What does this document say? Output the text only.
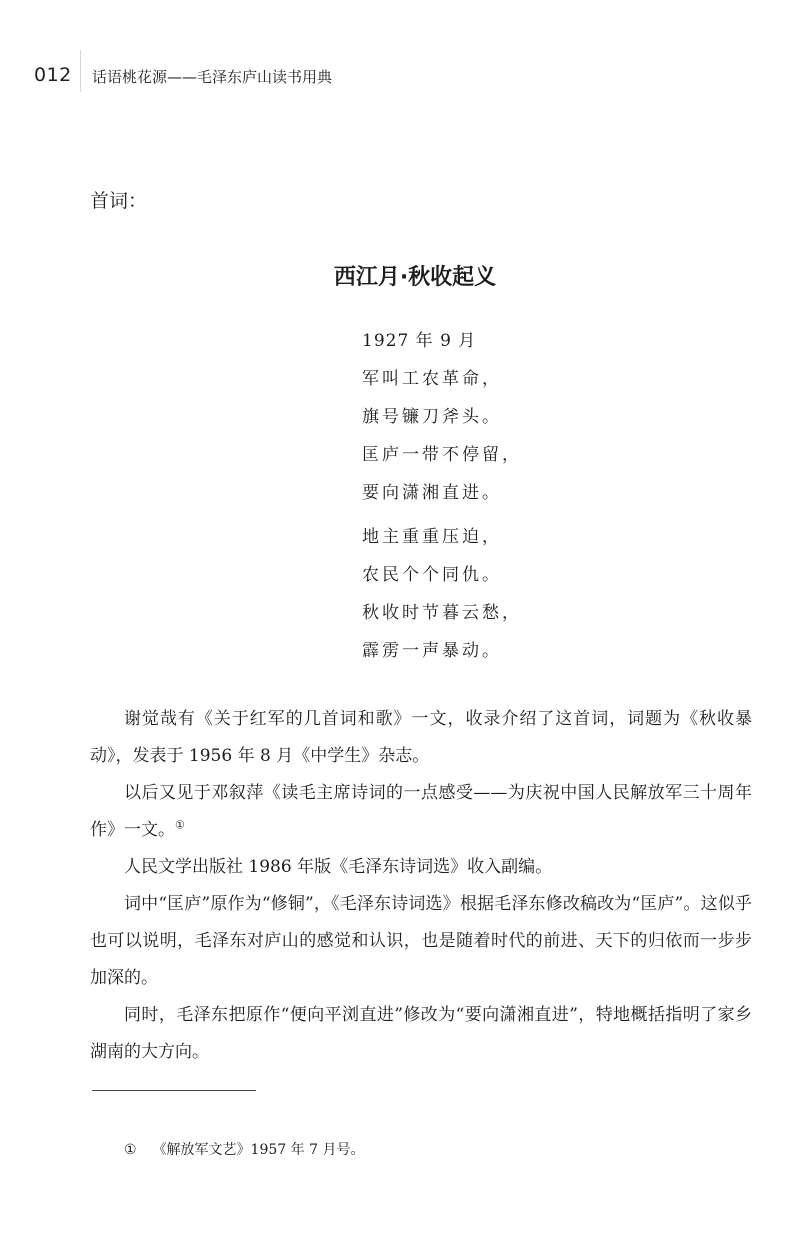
012 话语桃花源——毛泽东庐山读书用典
首词：
西江月·秋收起义
1927 年 9 月
军叫工农革命，
旗号镰刀斧头。
匡庐一带不停留，
要向潇湘直进。
地主重重压迫，
农民个个同仇。
秋收时节暮云愁，
霹雳一声暴动。

谢觉哉有《关于红军的几首词和歌》一文，收录介绍了这首词，词题为《秋收暴动》，发表于 1956 年 8 月《中学生》杂志。

以后又见于邓叙萍《读毛主席诗词的一点感受——为庆祝中国人民解放军三十周年作》一文。①

人民文学出版社 1986 年版《毛泽东诗词选》收入副编。

词中“匡庐”原作为“修铜”，《毛泽东诗词选》根据毛泽东修改稿改为“匡庐”。这似乎也可以说明，毛泽东对庐山的感觉和认识，也是随着时代的前进、天下的归依而一步步加深的。

同时，毛泽东把原作“便向平浏直进”修改为“要向潇湘直进”，特地概括指明了家乡湖南的大方向。

① 《解放军文艺》1957 年 7 月号。
